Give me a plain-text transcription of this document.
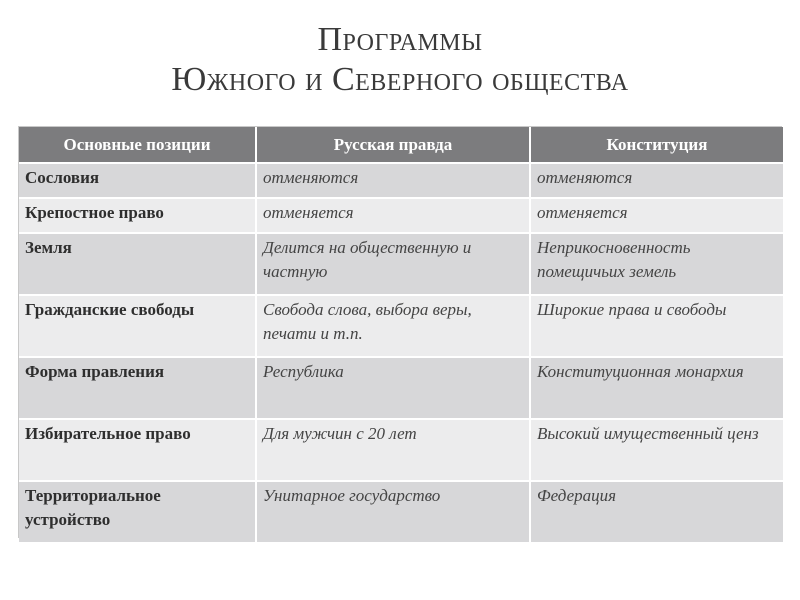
Программы
Южного и Северного общества
Основные позиции	Русская правда	Конституция
Сословия	отменяются	отменяются
Крепостное право	отменяется	отменяется
Земля	Делится на общественную и частную	Неприкосновенность помещичьих земель
Гражданские свободы	Свобода слова, выбора веры, печати и т.п.	Широкие права и свободы
Форма правления	Республика	Конституционная монархия
Избирательное право	Для мужчин с 20 лет	Высокий имущественный ценз
Территориальное устройство	Унитарное государство	Федерация
